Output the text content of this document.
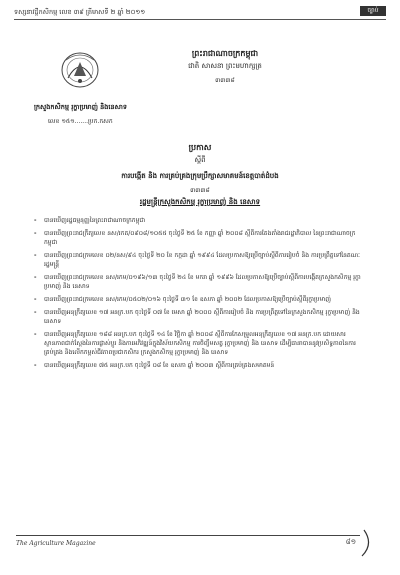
ទស្សនាវដ្តីកសិកម្ម លេខ ៣៩ ត្រីមាសទី ២ ឆ្នាំ ២០១១	ច្បាប់
ព្រះរាជាណាចក្រកម្ពុជា
ជាតិ សាសនា ព្រះមហាក្សត្រ
៣៣៣៨
ក្រសួងកសិកម្ម រុក្ខាប្រមាញ់ និងនេសាទ
លេខ ១៥១.......ប្រក.កសក
ប្រកាស
ស្តីពី
ការបង្កើត និង ការគ្រប់គ្រងក្រុមប្រឹក្សាសមាគមន៍ខេត្តបាត់ដំបង
៣៣៣៨
រដ្ឋមន្ត្រីក្រសួងកសិកម្ម រុក្ខាប្រមាញ់ និង នេសាទ
- បានឃើញរដ្ឋធម្មនុញ្ញនៃព្រះរាជាណាចក្រកម្ពុជា
- បានឃើញព្រះរាជក្រឹត្យលេខ នស/រកត/០៩០៨/១០៥៥ ចុះថ្ងៃទី ២៥ ខែ កញ្ញា ឆ្នាំ ២០០៨ ស្តីពីការតែងតាំងរាជរដ្ឋាភិបាល នៃព្រះរាជាណាចក្រកម្ពុជា
- បានឃើញព្រះរាជក្រមលេខ ០២/នស/៩៤ ចុះថ្ងៃទី ២០ ខែ កក្កដា ឆ្នាំ ១៩៩៤ ដែលប្រកាសឱ្យប្រើច្បាប់ស្តីពីការរៀបចំ និង ការប្រព្រឹត្តទៅនៃគណៈរដ្ឋមន្ត្រី
- បានឃើញព្រះរាជក្រមលេខ នស/រកម/០១៩៦/១៣ ចុះថ្ងៃទី ២៤ ខែ មករា ឆ្នាំ ១៩៩៦ ដែលប្រកាសឱ្យប្រើច្បាប់ស្តីពីការបង្កើតក្រសួងកសិកម្ម រុក្ខាប្រមាញ់ និង នេសាទ
- បានឃើញព្រះរាជក្រមលេខ នស/រកម/០៥០២/០១៦ ចុះថ្ងៃទី ៣១ ខែ ឧសភា ឆ្នាំ ២០០២ ដែលប្រកាសឱ្យប្រើច្បាប់ស្តីពីរុក្ខាប្រមាញ់
- បានឃើញអនុក្រឹត្យលេខ ១៧ អនក្រ.បក ចុះថ្ងៃទី ០៧ ខែ មេសា ឆ្នាំ ២០០០ ស្តីពីការរៀបចំ និង ការប្រព្រឹត្តទៅនៃក្រសួងកសិកម្ម រុក្ខាប្រមាញ់ និង នេសាទ
- បានឃើញអនុក្រឹត្យលេខ ១៨៨ អនក្រ.បក ចុះថ្ងៃទី ១៤ ខែ វិច្ឆិកា ឆ្នាំ ២០០៨ ស្តីពីការកែសម្រួលអនុក្រឹត្យលេខ ១៧ អនក្រ.បក ដោយសារស្ថានភាពជាក់ស្តែងនៃការផ្លាស់ប្តូរ និងការអភិវឌ្ឍន៍ក្នុងវិស័យកសិកម្ម ការចិញ្ចឹមសត្វ រុក្ខាប្រមាញ់ និង នេសាទ ដើម្បីធានាបាននូវប្រសិទ្ធភាពនៃការគ្រប់គ្រង និងលើកកម្ពស់ជីវភាពប្រជាកសិករ ក្រសួងកសិកម្ម រុក្ខាប្រមាញ់ និង នេសាទ
- បានឃើញអនុក្រឹត្យលេខ ៧៥ អនក្រ.បក ចុះថ្ងៃទី ០៨ ខែ ឧសភា ឆ្នាំ ២០០៣ ស្តីពីការគ្រប់គ្រងសមាគមន៍
The Agriculture Magazine	៨១
